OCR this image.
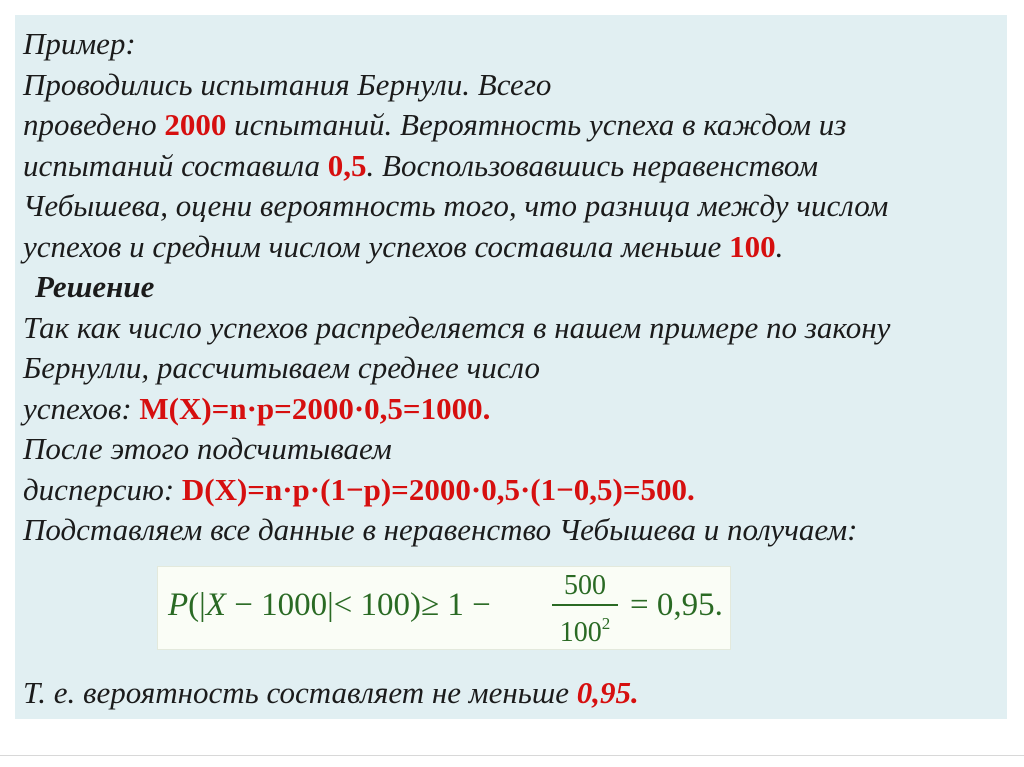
Пример:
Проводились испытания Бернули. Всего
проведено 2000 испытаний. Вероятность успеха в каждом из
испытаний составила 0,5. Воспользовавшись неравенством
Чебышева, оцени вероятность того, что разница между числом
успехов и средним числом успехов составила меньше 100.
Решение
Так как число успехов распределяется в нашем примере по закону
Бернулли, рассчитываем среднее число
успехов: M(X)=n·p=2000·0,5=1000.
После этого подсчитываем
дисперсию: D(X)=n·p·(1−p)=2000·0,5·(1−0,5)=500.
Подставляем все данные в неравенство Чебышева и получаем:
P(|X − 1000|< 100)≥ 1 −
500
$100^2$
= 0,95.
Т. е. вероятность составляет не меньше 0,95.
